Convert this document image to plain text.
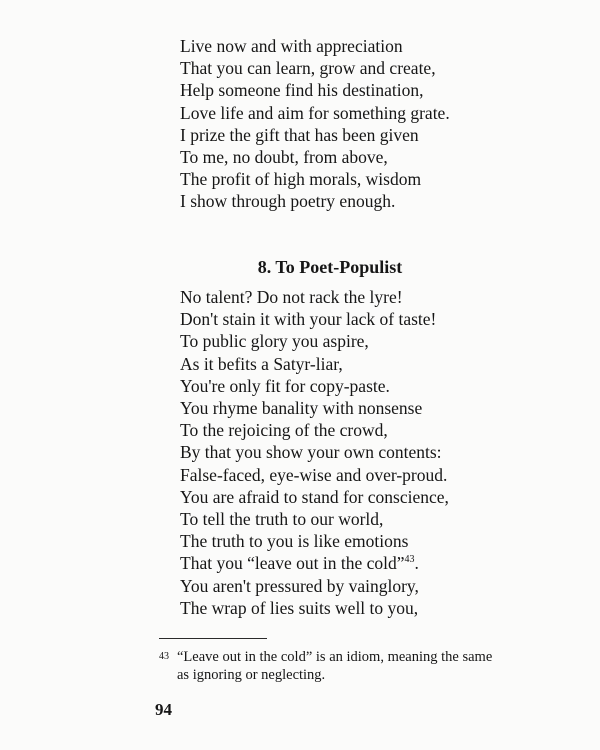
Live now and with appreciation
That you can learn, grow and create,
Help someone find his destination,
Love life and aim for something grate.
I prize the gift that has been given
To me, no doubt, from above,
The profit of high morals, wisdom
I show through poetry enough.
8. To Poet-Populist
No talent? Do not rack the lyre!
Don't stain it with your lack of taste!
To public glory you aspire,
As it befits a Satyr-liar,
You're only fit for copy-paste.
You rhyme banality with nonsense
To the rejoicing of the crowd,
By that you show your own contents:
False-faced, eye-wise and over-proud.
You are afraid to stand for conscience,
To tell the truth to our world,
The truth to you is like emotions
That you “leave out in the cold”$^{43}$.
You aren't pressured by vainglory,
The wrap of lies suits well to you,
43 “Leave out in the cold” is an idiom, meaning the same
as ignoring or neglecting.
94
